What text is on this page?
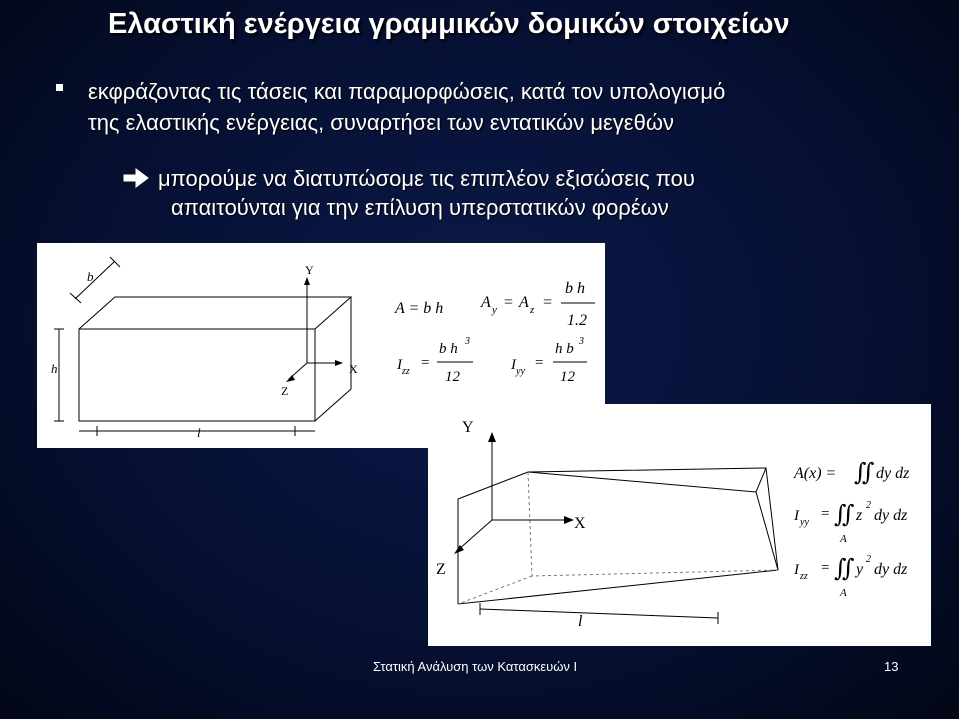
Ελαστική ενέργεια γραμμικών δομικών στοιχείων
εκφράζοντας τις τάσεις και παραμορφώσεις, κατά τον υπολογισμό
της ελαστικής ενέργειας, συναρτήσει των εντατικών μεγεθών
μπορούμε να διατυπώσομε τις επιπλέον εξισώσεις που
απαιτούνται για την επίλυση υπερστατικών φορέων
b
h
l
Y
X
Z
A = b h A y = A z =
b h
1.2
I zz
=
b h 3
12
I yy
=
h b 3
12
Y
X
Z
l
A(x) = ∬ dy dz
I yy
= ∬
A
z
2
dy dz
I zz
= ∬
A
y
2
dy dz
Στατική Ανάλυση των Κατασκευών Ι	13
